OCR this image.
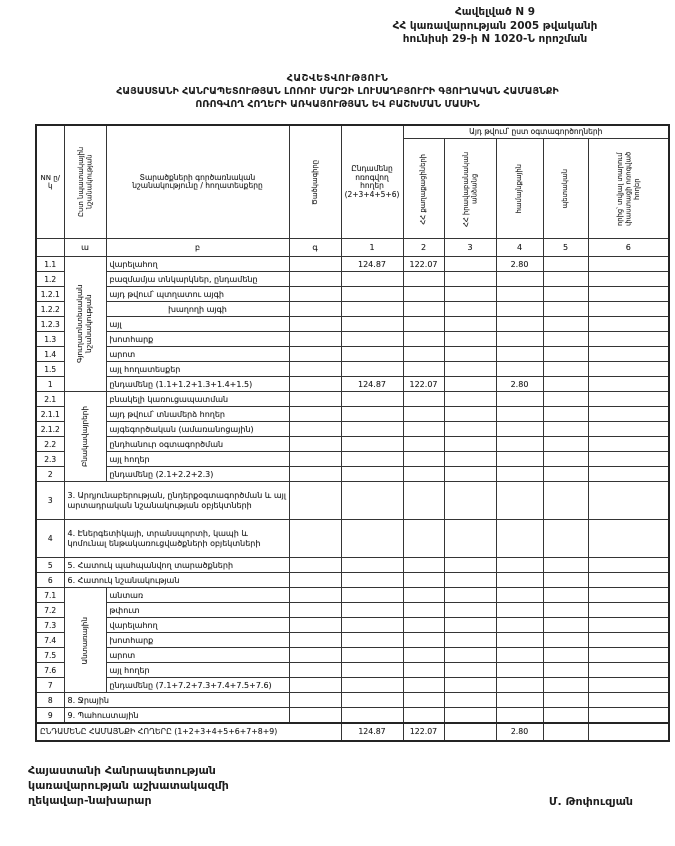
Հավելված N 9
ՀՀ կառավարության 2005 թվականի
հունիսի 29-ի N 1020-Ն որոշման
ՀԱՇՎԵՏՎՈՒԹՅՈՒՆ
ՀԱՅԱՍՏԱՆԻ ՀԱՆՐԱՊԵՏՈՒԹՅԱՆ ԼՈՌՈՒ ՄԱՐԶԻ ԼՈՒՍԱՂԲՅՈՒՐԻ ԳՅՈՒՂԱԿԱՆ ՀԱՄԱՅՆՔԻ
ՈՌՈԳՎՈՂ ՀՈՂԵՐԻ ԱՌԿԱՅՈՒԹՅԱՆ ԵՎ ԲԱՇԽՄԱՆ ՄԱՍԻՆ
NN ը/կ	Ըստ նպատակային նշանակության	Տարածքների գործառնական նշանակությունը / հողատեսքերը	Ծածկագիրը	Ընդամենը ոռոգվող հողեր (2+3+4+5+6)	Այդ թվում՝ ըստ օգտագործողների				

					ՀՀ քաղաքացիների	ՀՀ իրավաբանական անձանց	համայնքային	պետական	որից՝ տվյալ տարում փաստացի ոռոգված հողեր

	ա	բ	գ	1	2	3	4	5	6
1.1	Գյուղատնտեսական նշանակության	վարելահող		124.87	122.07		2.80		
1.2		բազմամյա տնկարկներ, ընդամենը							
1.2.1		այդ թվում՝ պտղատու այգի							
1.2.2		խաղողի այգի							
1.2.3		այլ							
1.3		խոտհարք							
1.4		արոտ							
1.5		այլ հողատեսքեր							
1		ընդամենը (1.1+1.2+1.3+1.4+1.5)		124.87	122.07		2.80		
2.1	Բնակավայրերի	բնակելի կառուցապատման							
2.1.1		այդ թվում՝ տնամերձ հողեր							
2.1.2		այգեգործական (ամառանոցային)							
2.2		ընդհանուր օգտագործման							
2.3		այլ հողեր							
2		ընդամենը (2.1+2.2+2.3)							
3	3. Արդյունաբերության, ընդերքօգտագործման և այլ արտադրական նշանակության օբյեկտների								
4	4. Էներգետիկայի, տրանսպորտի, կապի և կոմունալ ենթակառուցվածքների օբյեկտների								
5	5. Հատուկ պահպանվող տարածքների								
6	6. Հատուկ նշանակության								
7.1	Անտառային	անտառ							
7.2		թփուտ							
7.3		վարելահող							
7.4		խոտհարք							
7.5		արոտ							
7.6		այլ հողեր							
7		ընդամենը (7.1+7.2+7.3+7.4+7.5+7.6)							
8	8. Ջրային								
9	9. Պահուստային								
ԸՆԴԱՄԵՆԸ ՀԱՄԱՅՆՔԻ ՀՈՂԵՐԸ (1+2+3+4+5+6+7+8+9)				124.87	122.07		2.80		
Հայաստանի Հանրապետության
կառավարության աշխատակազմի
ղեկավար-նախարար	Մ. Թոփուզյան
